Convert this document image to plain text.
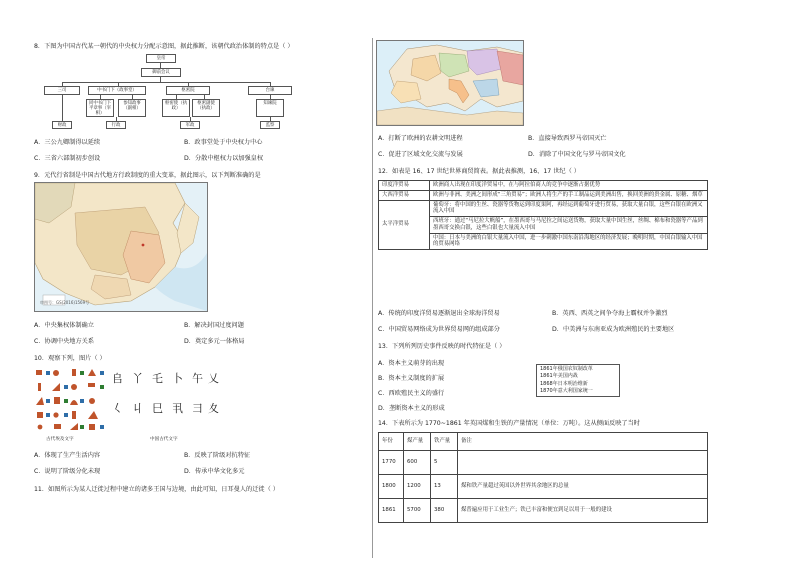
8．下图为中国古代某一朝代的中央权力分配示意图，据此推断，该朝代政治体制的特点是（ ）
皇帝
御前会议
三司	中书门下（政事堂）	枢密院	台谏
同中书门下平章事（宰相）
参知政事（副相）
枢密使（执政）
枢密副使（执政）
知谏院
财政	行政	军政	监察
A．三公九卿制得以延续	B．政事堂处于中央权力中心
C．三省六部制初步创设	D．分散中枢权力以加强皇权
9．元代行省制是中国古代地方行政制度的重大变革，据此图示，以下判断准确的是
审图号：GS(2016)1569号
A．中央集权体制确立	B．解决封国过度问题
C．协调中央地方关系	D．奠定多元一体格局
10．观察下列，图片（ ）
古代埃及文字
𠂤 丫 乇 卜 午 乂
𡿨 丩 巳 丮 彐 夊
中国古代文字
A．体现了生产生活内容	B．反映了阶级对抗特征
C．说明了阶级分化未现	D．传承中华文化多元
11．如图所示为某人迁徙过程中建立的诸多王国与边境，由此可知，日耳曼人的迁徙（ ）
A．打断了欧洲的农耕文明进程	B．直接导致西罗马帝国灭亡
C．促进了区域文化交流与发展	D．消除了中国文化与罗马帝国文化
12．如表是 16、17 世纪世界商贸简表。据此表推测，16、17 世纪（ ）
印度洋贸易	欧洲商人出现在印度洋贸易中，在与阿拉伯商人的竞争中逐渐占据优势
大西洋贸易	欧洲与非洲、美洲之间形成“三角贸易”；欧洲人将生产的手工制品运到美洲出售，换回美洲的贵金属、原糖、烟草
太平洋贸易	葡萄牙：将中国的生丝、瓷器等货物运到印度果阿，再经运到葡萄牙进行贸易，获取大量白银，这些白银在欧洲又流入中国
	西班牙：通过“马尼拉大帆船”，在墨西哥与马尼拉之间运送货物，获取大量中国生丝，丝绸、棉布和瓷器等产品到墨西哥交换白银，这些白银也大量流入中国
	中国：日本与美洲的白银大量流入中国，进一步刺激中国东南沿海地区的经济发展；晚明时期，中国白银输入中国的贸易网络
A．传统的印度洋贸易逐渐退出全球海洋贸易	B．英西、西英之间争夺海上霸权并争激烈
C．中国贸易网络成为世界贸易网的组成部分	D．中美洲与东南亚成为欧洲殖民的主要地区
13．下列所列历史事件反映的时代特征是（ ）
1861年俄国农奴制改革
1861年美国内战
1868年日本明治维新
1870年意大利国家统一
A．资本主义萌芽的出现
B．资本主义制度的扩展
C．西欧殖民主义的盛行
D．垄断资本主义的形成
14．下表所示为 1770~1861 年英国煤和生铁的产量情况（单位：万吨）。这从侧面反映了当时
年份	煤产量	铁产量	备注
1770	600	5	
1800	1200	13	煤和铁产量超过英国以外世界其余地区的总量
1861	5700	380	煤普遍应用于工业生产；铁已丰富和便宜到足以用于一般的建设
